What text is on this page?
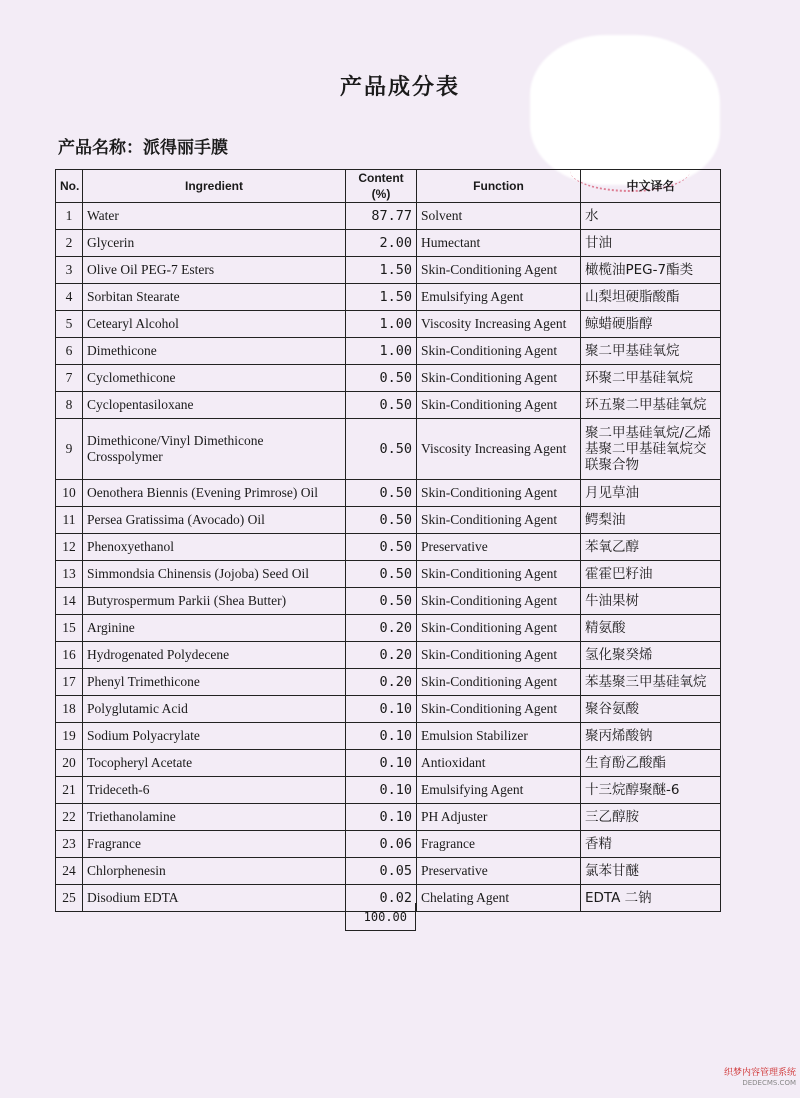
产品成分表
产品名称：派得丽手膜
No.	Ingredient	Content (%)	Function	中文译名
1	Water	87.77	Solvent	水
2	Glycerin	2.00	Humectant	甘油
3	Olive Oil PEG-7 Esters	1.50	Skin-Conditioning Agent	橄榄油PEG-7酯类
4	Sorbitan Stearate	1.50	Emulsifying Agent	山梨坦硬脂酸酯
5	Cetearyl Alcohol	1.00	Viscosity Increasing Agent	鲸蜡硬脂醇
6	Dimethicone	1.00	Skin-Conditioning Agent	聚二甲基硅氧烷
7	Cyclomethicone	0.50	Skin-Conditioning Agent	环聚二甲基硅氧烷
8	Cyclopentasiloxane	0.50	Skin-Conditioning Agent	环五聚二甲基硅氧烷
9	Dimethicone/Vinyl Dimethicone Crosspolymer	0.50	Viscosity Increasing Agent	聚二甲基硅氧烷/乙烯基聚二甲基硅氧烷交联聚合物
10	Oenothera Biennis (Evening Primrose) Oil	0.50	Skin-Conditioning Agent	月见草油
11	Persea Gratissima (Avocado) Oil	0.50	Skin-Conditioning Agent	鳄梨油
12	Phenoxyethanol	0.50	Preservative	苯氧乙醇
13	Simmondsia Chinensis (Jojoba) Seed Oil	0.50	Skin-Conditioning Agent	霍霍巴籽油
14	Butyrospermum Parkii (Shea Butter)	0.50	Skin-Conditioning Agent	牛油果树
15	Arginine	0.20	Skin-Conditioning Agent	精氨酸
16	Hydrogenated Polydecene	0.20	Skin-Conditioning Agent	氢化聚癸烯
17	Phenyl Trimethicone	0.20	Skin-Conditioning Agent	苯基聚三甲基硅氧烷
18	Polyglutamic Acid	0.10	Skin-Conditioning Agent	聚谷氨酸
19	Sodium Polyacrylate	0.10	Emulsion Stabilizer	聚丙烯酸钠
20	Tocopheryl Acetate	0.10	Antioxidant	生育酚乙酸酯
21	Trideceth-6	0.10	Emulsifying Agent	十三烷醇聚醚-6
22	Triethanolamine	0.10	PH Adjuster	三乙醇胺
23	Fragrance	0.06	Fragrance	香精
24	Chlorphenesin	0.05	Preservative	氯苯甘醚
25	Disodium EDTA	0.02	Chelating Agent	EDTA 二钠
100.00
织梦内容管理系统
DEDECMS.COM
